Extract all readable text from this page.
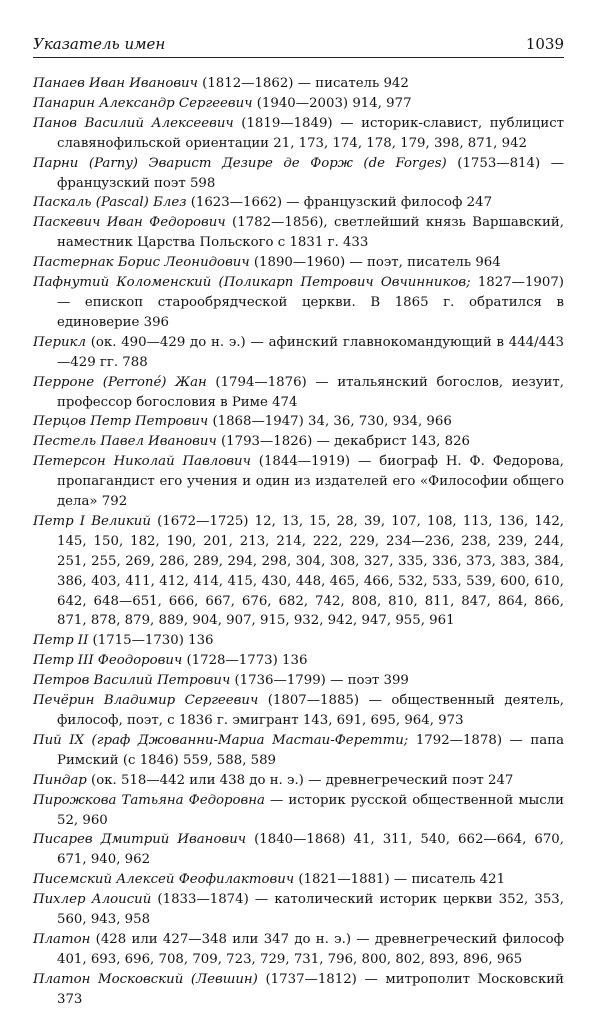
Указатель имен	1039

Панаев Иван Иванович (1812—1862) — писатель 942

Панарин Александр Сергеевич (1940—2003) 914, 977

Панов Василий Алексеевич (1819—1849) — историк-славист, публицист славянофильской ориентации 21, 173, 174, 178, 179, 398, 871, 942

Парни (Parny) Эварист Дезире де Форж (de Forges) (1753—814) — французский поэт 598

Паскаль (Pascal) Блез (1623—1662) — французский философ 247

Паскевич Иван Федорович (1782—1856), светлейший князь Варшавский, наместник Царства Польского с 1831 г. 433

Пастернак Борис Леонидович (1890—1960) — поэт, писатель 964

Пафнутий Коломенский (Поликарп Петрович Овчинников; 1827—1907) — епископ старообрядческой церкви. В 1865 г. обратился в единоверие 396

Перикл (ок. 490—429 до н. э.) — афинский главнокомандующий в 444/443—429 гг. 788

Перроне (Perroné) Жан (1794—1876) — итальянский богослов, иезуит, профессор богословия в Риме 474

Перцов Петр Петрович (1868—1947) 34, 36, 730, 934, 966

Пестель Павел Иванович (1793—1826) — декабрист 143, 826

Петерсон Николай Павлович (1844—1919) — биограф Н. Ф. Федорова, пропагандист его учения и один из издателей его «Философии общего дела» 792

Петр I Великий (1672—1725) 12, 13, 15, 28, 39, 107, 108, 113, 136, 142, 145, 150, 182, 190, 201, 213, 214, 222, 229, 234—236, 238, 239, 244, 251, 255, 269, 286, 289, 294, 298, 304, 308, 327, 335, 336, 373, 383, 384, 386, 403, 411, 412, 414, 415, 430, 448, 465, 466, 532, 533, 539, 600, 610, 642, 648—651, 666, 667, 676, 682, 742, 808, 810, 811, 847, 864, 866, 871, 878, 879, 889, 904, 907, 915, 932, 942, 947, 955, 961

Петр II (1715—1730) 136

Петр III Феодорович (1728—1773) 136

Петров Василий Петрович (1736—1799) — поэт 399

Печёрин Владимир Сергеевич (1807—1885) — общественный деятель, философ, поэт, с 1836 г. эмигрант 143, 691, 695, 964, 973

Пий IX (граф Джованни-Мариа Мастаи-Феретти; 1792—1878) — папа Римский (с 1846) 559, 588, 589

Пиндар (ок. 518—442 или 438 до н. э.) — древнегреческий поэт 247

Пирожкова Татьяна Федоровна — историк русской общественной мысли 52, 960

Писарев Дмитрий Иванович (1840—1868) 41, 311, 540, 662—664, 670, 671, 940, 962

Писемский Алексей Феофилактович (1821—1881) — писатель 421

Пихлер Алоисий (1833—1874) — католический историк церкви 352, 353, 560, 943, 958

Платон (428 или 427—348 или 347 до н. э.) — древнегреческий философ 401, 693, 696, 708, 709, 723, 729, 731, 796, 800, 802, 893, 896, 965

Платон Московский (Левшин) (1737—1812) — митрополит Московский 373
